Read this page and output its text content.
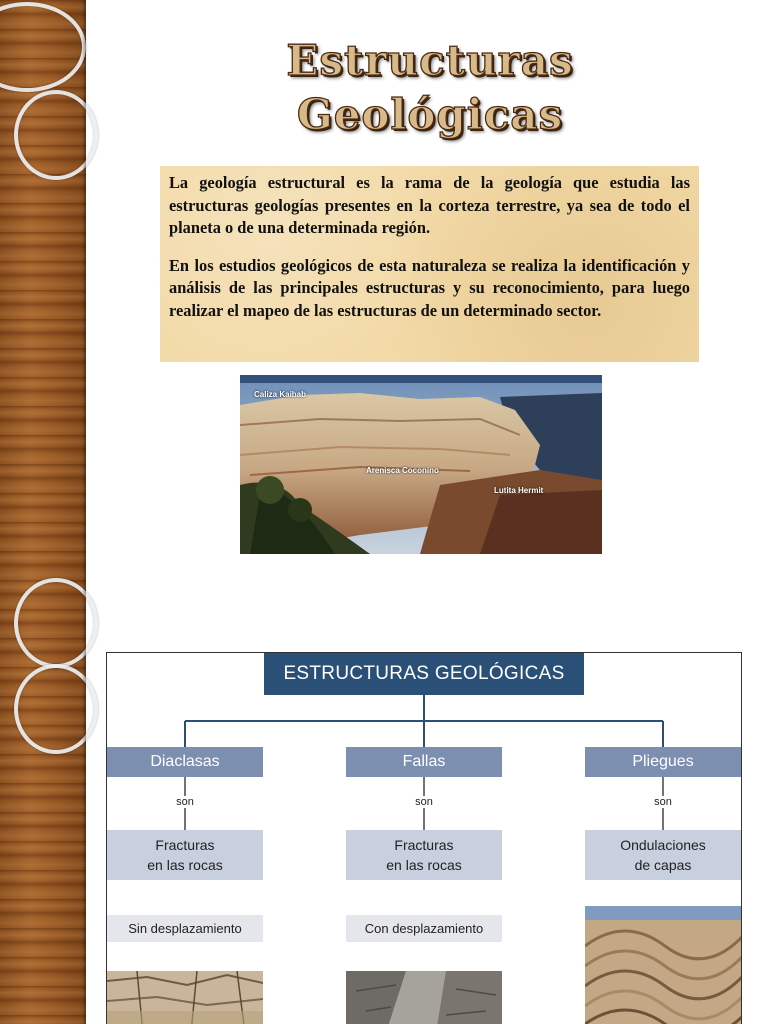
Estructuras
Geológicas

La geología estructural es la rama de la geología que estudia las estructuras geologías presentes en la corteza terrestre, ya sea de todo el planeta o de una determinada región.

En los estudios geológicos de esta naturaleza se realiza la identificación y análisis de las principales estructuras y su reconocimiento, para luego realizar el mapeo de las estructuras de un determinado sector.

Caliza Kaibab
Arenisca Coconino
Lutita Hermit
ESTRUCTURAS GEOLÓGICAS
Diaclasas
son
Fracturas
en las rocas
Sin desplazamiento
Fallas
son
Fracturas
en las rocas
Con desplazamiento
Pliegues
son
Ondulaciones
de capas
